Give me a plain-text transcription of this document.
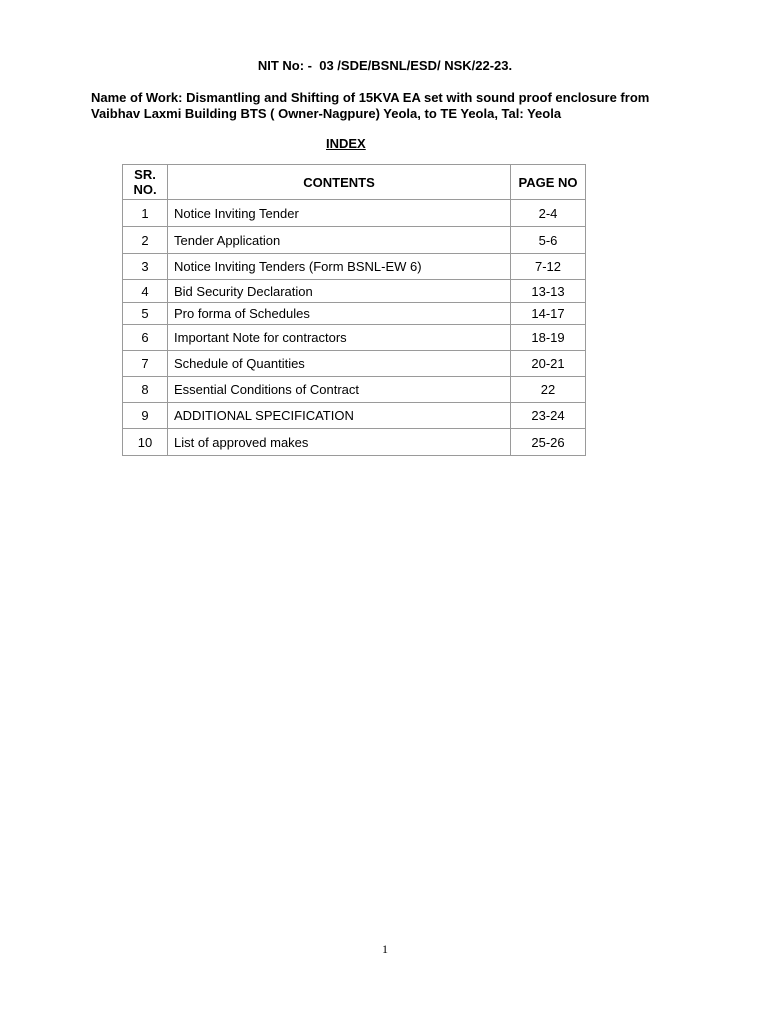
NIT No: -  03 /SDE/BSNL/ESD/ NSK/22-23.
Name of Work: Dismantling and Shifting of 15KVA EA set with sound proof enclosure from
Vaibhav Laxmi Building BTS ( Owner-Nagpure) Yeola, to TE Yeola, Tal: Yeola
INDEX
SR.
NO.	CONTENTS	PAGE NO
1	Notice Inviting Tender	2-4
2	Tender Application	5-6
3	Notice Inviting Tenders (Form BSNL-EW 6)	7-12
4	Bid Security Declaration	13-13
5	Pro forma of Schedules	14-17
6	Important Note for contractors	18-19
7	Schedule of Quantities	20-21
8	Essential Conditions of Contract	22
9	ADDITIONAL SPECIFICATION	23-24
10	List of approved makes	25-26
1
